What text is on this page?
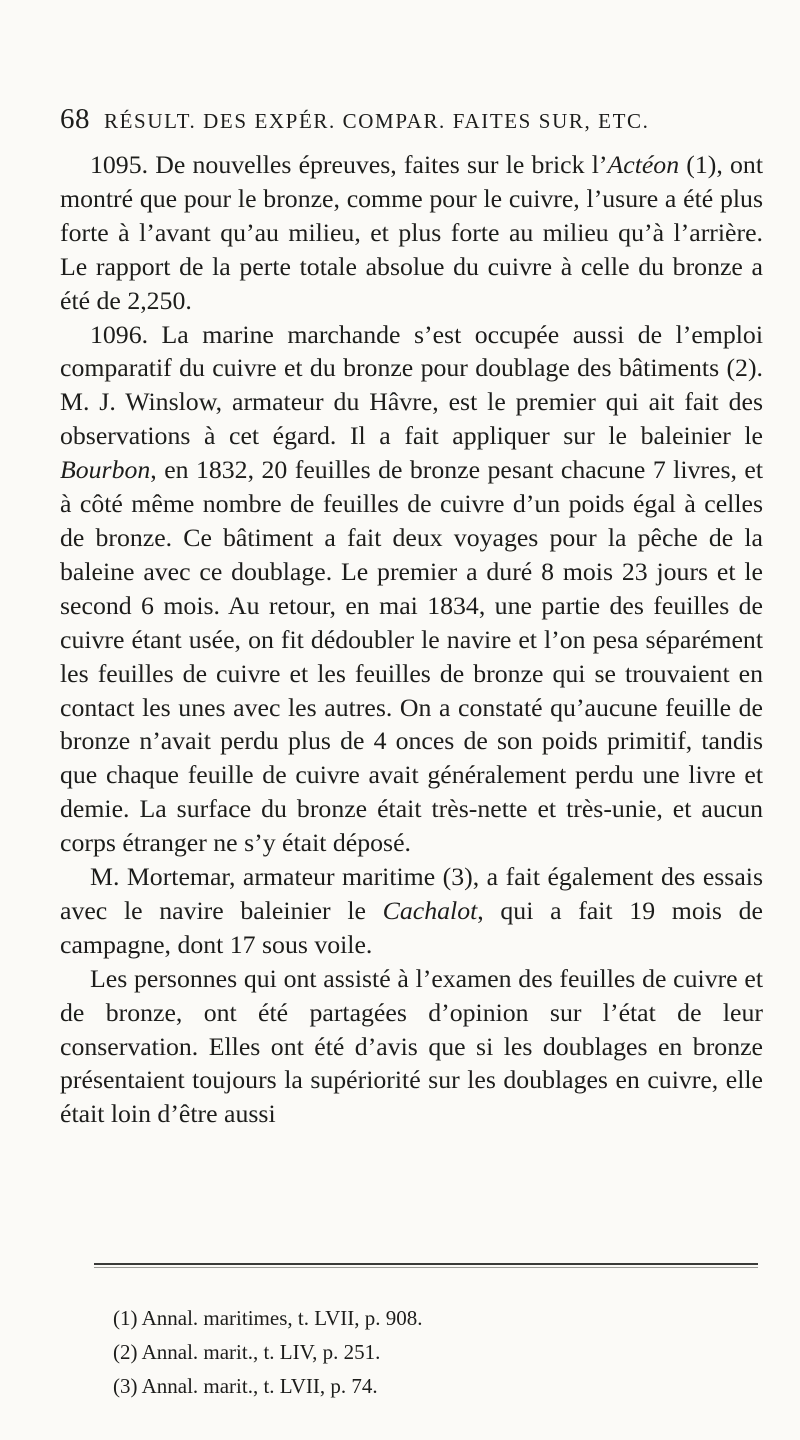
68 RÉSULT. DES EXPÉR. COMPAR. FAITES SUR, ETC.

1095. De nouvelles épreuves, faites sur le brick l’Actéon (1), ont montré que pour le bronze, comme pour le cuivre, l’usure a été plus forte à l’avant qu’au milieu, et plus forte au milieu qu’à l’arrière. Le rapport de la perte totale absolue du cuivre à celle du bronze a été de 2,250.

1096. La marine marchande s’est occupée aussi de l’emploi comparatif du cuivre et du bronze pour doublage des bâtiments (2). M. J. Winslow, armateur du Hâvre, est le premier qui ait fait des observations à cet égard. Il a fait appliquer sur le baleinier le Bourbon, en 1832, 20 feuilles de bronze pesant chacune 7 livres, et à côté même nombre de feuilles de cuivre d’un poids égal à celles de bronze. Ce bâtiment a fait deux voyages pour la pêche de la baleine avec ce doublage. Le premier a duré 8 mois 23 jours et le second 6 mois. Au retour, en mai 1834, une partie des feuilles de cuivre étant usée, on fit dédoubler le navire et l’on pesa séparément les feuilles de cuivre et les feuilles de bronze qui se trouvaient en contact les unes avec les autres. On a constaté qu’aucune feuille de bronze n’avait perdu plus de 4 onces de son poids primitif, tandis que chaque feuille de cuivre avait généralement perdu une livre et demie. La surface du bronze était très-nette et très-unie, et aucun corps étranger ne s’y était déposé.

M. Mortemar, armateur maritime (3), a fait également des essais avec le navire baleinier le Cachalot, qui a fait 19 mois de campagne, dont 17 sous voile.

Les personnes qui ont assisté à l’examen des feuilles de cuivre et de bronze, ont été partagées d’opinion sur l’état de leur conservation. Elles ont été d’avis que si les doublages en bronze présentaient toujours la supériorité sur les doublages en cuivre, elle était loin d’être aussi

(1) Annal. maritimes, t. LVII, p. 908.
(2) Annal. marit., t. LIV, p. 251.
(3) Annal. marit., t. LVII, p. 74.
